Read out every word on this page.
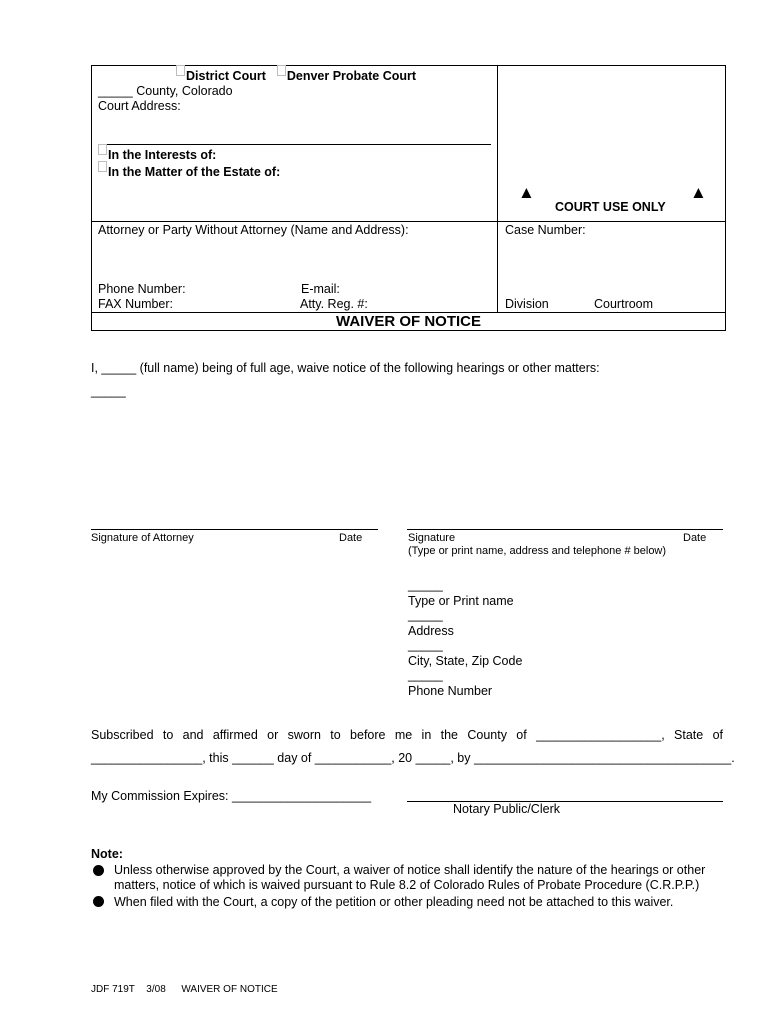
District Court Denver Probate Court
_____ County, Colorado
Court Address:
In the Interests of:
In the Matter of the Estate of:
▲	▲
COURT USE ONLY
Attorney or Party Without Attorney (Name and Address):	Case Number:
Phone Number:	E-mail:
FAX Number:	Atty. Reg. #:	Division	Courtroom
WAIVER OF NOTICE
I, _____ (full name) being of full age, waive notice of the following hearings or other matters:
_____
Signature of Attorney	Date	Signature	Date
(Type or print name, address and telephone # below)
_____
Type or Print name
_____
Address
_____
City, State, Zip Code
_____
Phone Number
Subscribed to and affirmed or sworn to before me in the County of __________________, State of
________________, this ______ day of ___________, 20 _____, by _____________________________________.
My Commission Expires: ____________________
Notary Public/Clerk
Note:
Unless otherwise approved by the Court, a waiver of notice shall identify the nature of the hearings or other matters, notice of which is waived pursuant to Rule 8.2 of Colorado Rules of Probate Procedure (C.R.P.P.)
When filed with the Court, a copy of the petition or other pleading need not be attached to this waiver.
JDF 719T 3/08 WAIVER OF NOTICE
